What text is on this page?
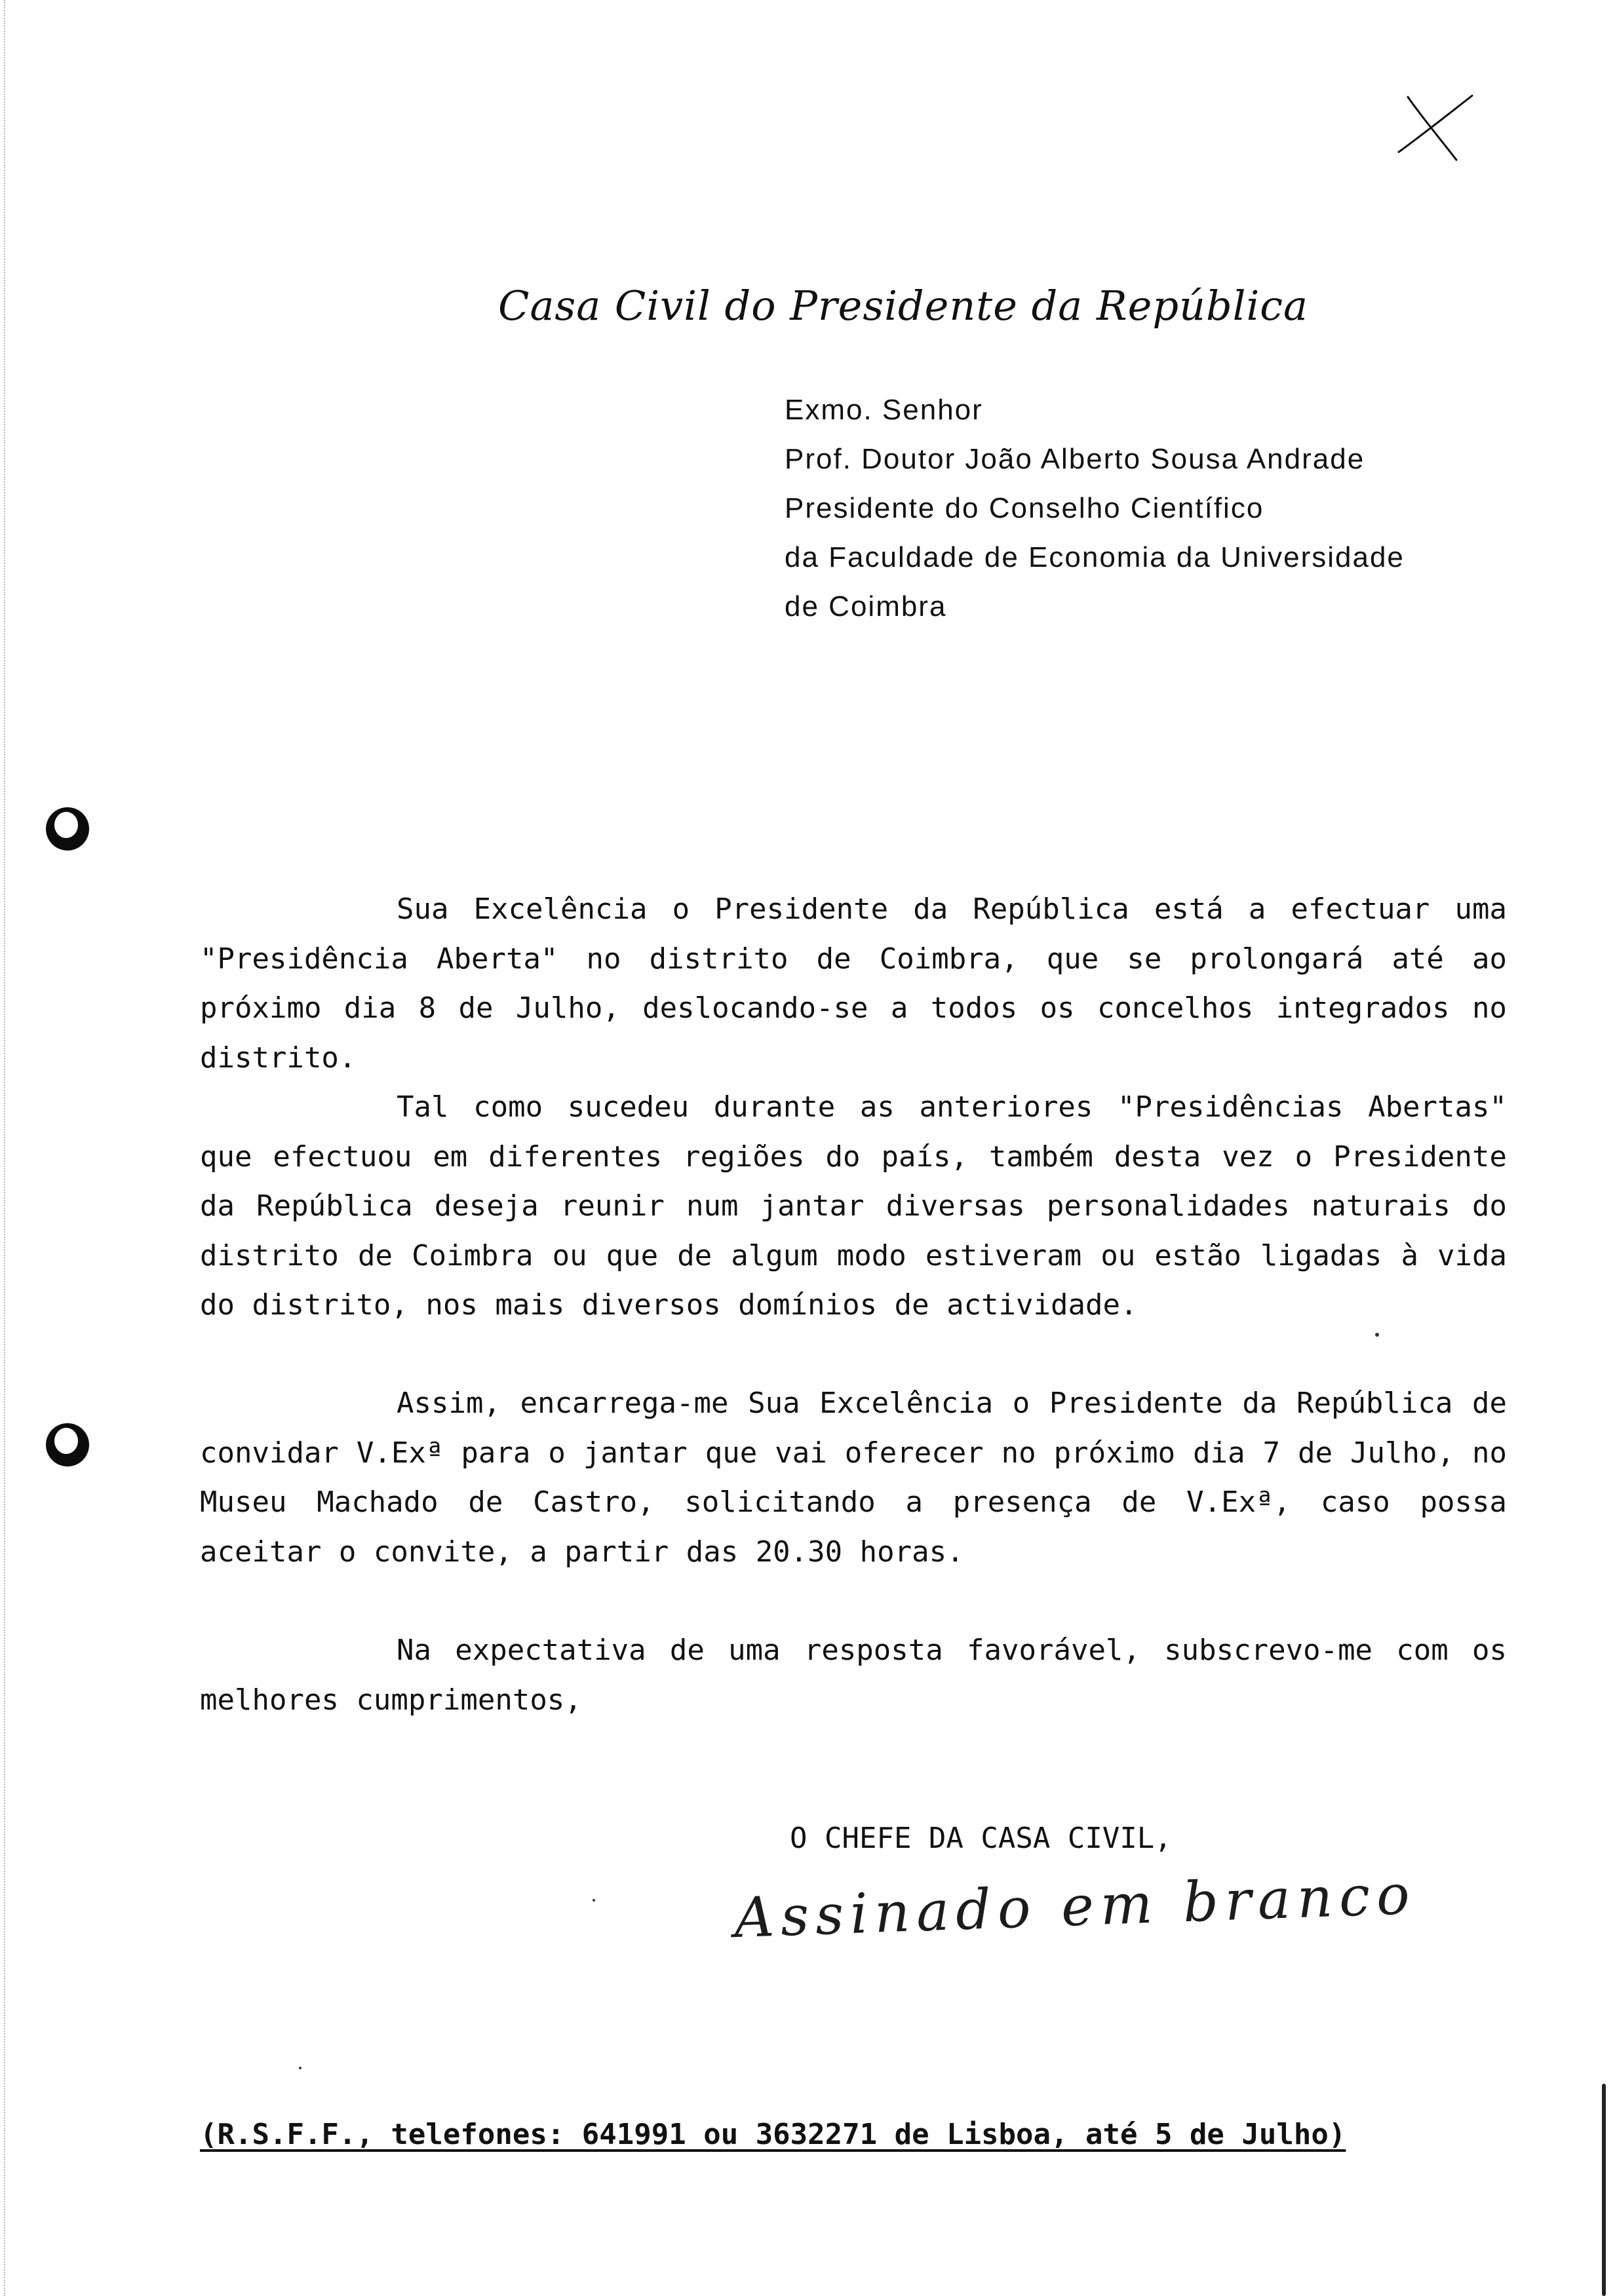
Casa Civil do Presidente da República
Exmo. Senhor
Prof. Doutor João Alberto Sousa Andrade
Presidente do Conselho Científico
da Faculdade de Economia da Universidade
de Coimbra

Sua Excelência o Presidente da República está a efectuar uma "Presidência Aberta" no distrito de Coimbra, que se prolongará até ao próximo dia 8 de Julho, deslocando-se a todos os concelhos integrados no distrito.

Tal como sucedeu durante as anteriores "Presidências Abertas" que efectuou em diferentes regiões do país, também desta vez o Presidente da República deseja reunir num jantar diversas personalidades naturais do distrito de Coimbra ou que de algum modo estiveram ou estão ligadas à vida do distrito, nos mais diversos domínios de actividade.

Assim, encarrega-me Sua Excelência o Presidente da República de convidar V.Exª para o jantar que vai oferecer no próximo dia 7 de Julho, no Museu Machado de Castro, solicitando a presença de V.Exª, caso possa aceitar o convite, a partir das 20.30 horas.

Na expectativa de uma resposta favorável, subscrevo-me com os melhores cumprimentos,

O CHEFE DA CASA CIVIL,
Assinado em branco
(R.S.F.F., telefones: 641991 ou 3632271 de Lisboa, até 5 de Julho)
